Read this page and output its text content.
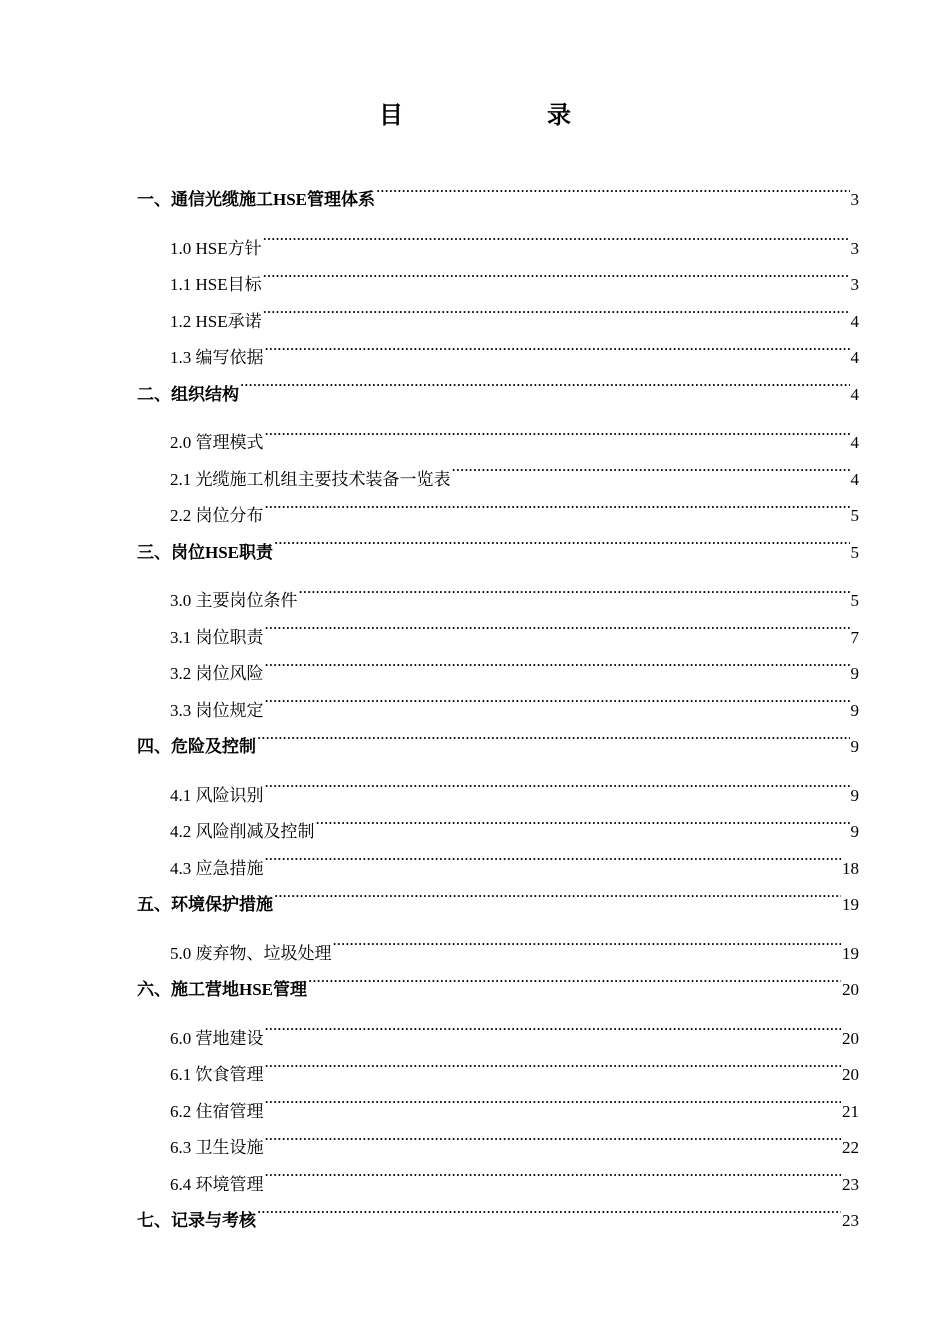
目　录
一、通信光缆施工HSE管理体系 .....	3
1.0 HSE方针 .....	3
1.1 HSE目标 .....	3
1.2 HSE承诺 .....	4
1.3 编写依据 .....	4
二、组织结构 .....	4
2.0 管理模式 .....	4
2.1 光缆施工机组主要技术装备一览表 .....	4
2.2 岗位分布 .....	5
三、岗位HSE职责 .....	5
3.0 主要岗位条件 .....	5
3.1 岗位职责 .....	7
3.2 岗位风险 .....	9
3.3 岗位规定 .....	9
四、危险及控制 .....	9
4.1 风险识别 .....	9
4.2 风险削减及控制 .....	9
4.3 应急措施 .....	18
五、环境保护措施 .....	19
5.0 废弃物、垃圾处理 .....	19
六、施工营地HSE管理 .....	20
6.0 营地建设 .....	20
6.1 饮食管理 .....	20
6.2 住宿管理 .....	21
6.3 卫生设施 .....	22
6.4 环境管理 .....	23
七、记录与考核 .....	23
